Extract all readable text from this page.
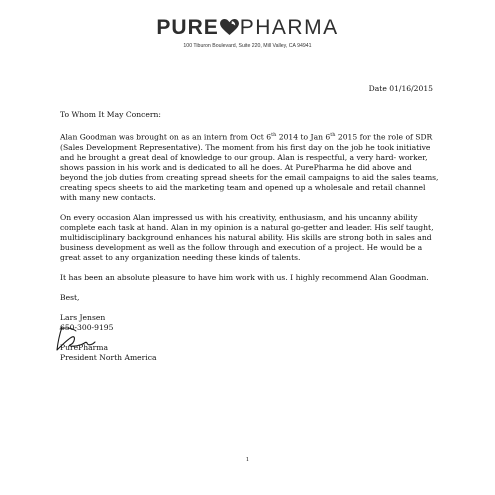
PURE PHARMA
100 Tiburon Boulevard, Suite 220, Mill Valley, CA 94941
Date 01/16/2015

To Whom It May Concern:

Alan Goodman was brought on as an intern from Oct 6th 2014 to Jan 6th 2015 for the role of SDR (Sales Development Representative). The moment from his first day on the job he took initiative and he brought a great deal of knowledge to our group. Alan is respectful, a very hard- worker, shows passion in his work and is dedicated to all he does. At PurePharma he did above and beyond the job duties from creating spread sheets for the email campaigns to aid the sales teams, creating specs sheets to aid the marketing team and opened up a wholesale and retail channel with many new contacts.

On every occasion Alan impressed us with his creativity, enthusiasm, and his uncanny ability complete each task at hand. Alan in my opinion is a natural go-getter and leader. His self taught, multidisciplinary background enhances his natural ability. His skills are strong both in sales and business development as well as the follow through and execution of a project. He would be a great asset to any organization needing these kinds of talents.

It has been an absolute pleasure to have him work with us. I highly recommend Alan Goodman.

Best,

Lars Jensen
650-300-9195
PurePharma
President North America
1
